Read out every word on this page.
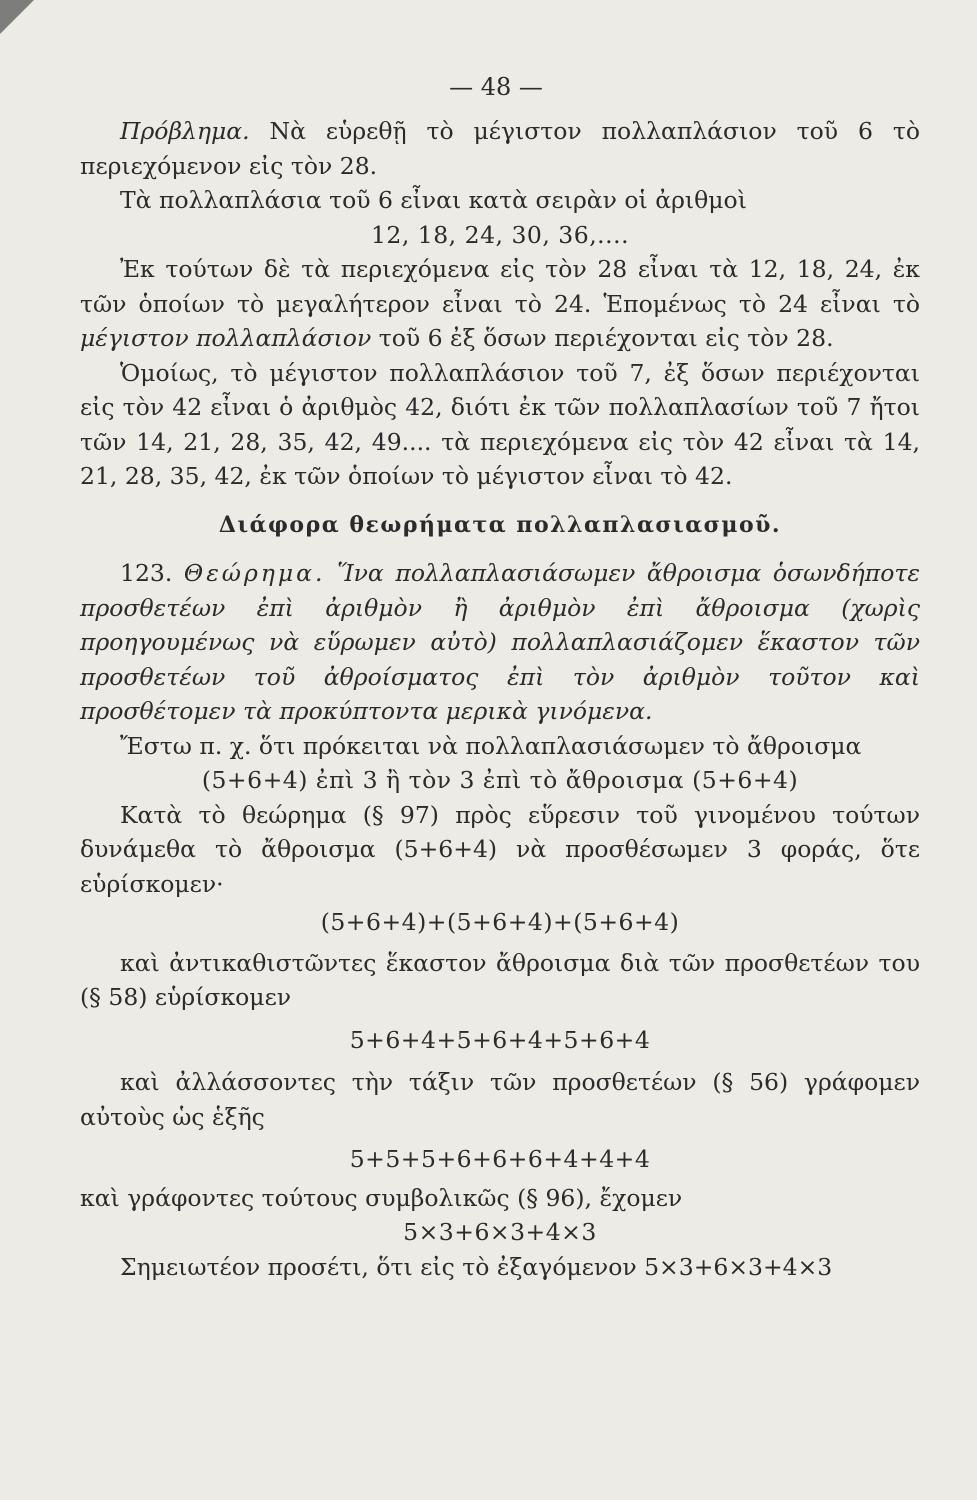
— 48 —

Πρόβλημα. Νὰ εὑρεθῇ τὸ μέγιστον πολλαπλάσιον τοῦ 6 τὸ περιεχόμενον εἰς τὸν 28.

Τὰ πολλαπλάσια τοῦ 6 εἶναι κατὰ σειρὰν οἱ ἀριθμοὶ

12, 18, 24, 30, 36,....

Ἐκ τούτων δὲ τὰ περιεχόμενα εἰς τὸν 28 εἶναι τὰ 12, 18, 24, ἐκ τῶν ὁποίων τὸ μεγαλήτερον εἶναι τὸ 24. Ἑπομένως τὸ 24 εἶναι τὸ μέγιστον πολλαπλάσιον τοῦ 6 ἐξ ὅσων περιέχονται εἰς τὸν 28.

Ὁμοίως, τὸ μέγιστον πολλαπλάσιον τοῦ 7, ἐξ ὅσων περιέχονται εἰς τὸν 42 εἶναι ὁ ἀριθμὸς 42, διότι ἐκ τῶν πολλαπλασίων τοῦ 7 ἤτοι τῶν 14, 21, 28, 35, 42, 49.... τὰ περιεχόμενα εἰς τὸν 42 εἶναι τὰ 14, 21, 28, 35, 42, ἐκ τῶν ὁποίων τὸ μέγιστον εἶναι τὸ 42.

Διάφορα θεωρήματα πολλαπλασιασμοῦ.

123. Θεώρημα. Ἵνα πολλαπλασιάσωμεν ἄθροισμα ὁσωνδήποτε προσθετέων ἐπὶ ἀριθμὸν ἢ ἀριθμὸν ἐπὶ ἄθροισμα (χωρὶς προηγουμένως νὰ εὕρωμεν αὐτὸ) πολλαπλασιάζομεν ἕκαστον τῶν προσθετέων τοῦ ἀθροίσματος ἐπὶ τὸν ἀριθμὸν τοῦτον καὶ προσθέτομεν τὰ προκύπτοντα μερικὰ γινόμενα.

Ἔστω π. χ. ὅτι πρόκειται νὰ πολλαπλασιάσωμεν τὸ ἄθροισμα

(5+6+4) ἐπὶ 3 ἢ τὸν 3 ἐπὶ τὸ ἄθροισμα (5+6+4)

Κατὰ τὸ θεώρημα (§ 97) πρὸς εὕρεσιν τοῦ γινομένου τούτων δυνάμεθα τὸ ἄθροισμα (5+6+4) νὰ προσθέσωμεν 3 φοράς, ὅτε εὑρίσκομεν·

(5+6+4)+(5+6+4)+(5+6+4)

καὶ ἀντικαθιστῶντες ἕκαστον ἄθροισμα διὰ τῶν προσθετέων του (§ 58) εὑρίσκομεν

5+6+4+5+6+4+5+6+4

καὶ ἀλλάσσοντες τὴν τάξιν τῶν προσθετέων (§ 56) γράφομεν αὐτοὺς ὡς ἑξῆς

5+5+5+6+6+6+4+4+4

καὶ γράφοντες τούτους συμβολικῶς (§ 96), ἔχομεν

5×3+6×3+4×3

Σημειωτέον προσέτι, ὅτι εἰς τὸ ἐξαγόμενον 5×3+6×3+4×3
